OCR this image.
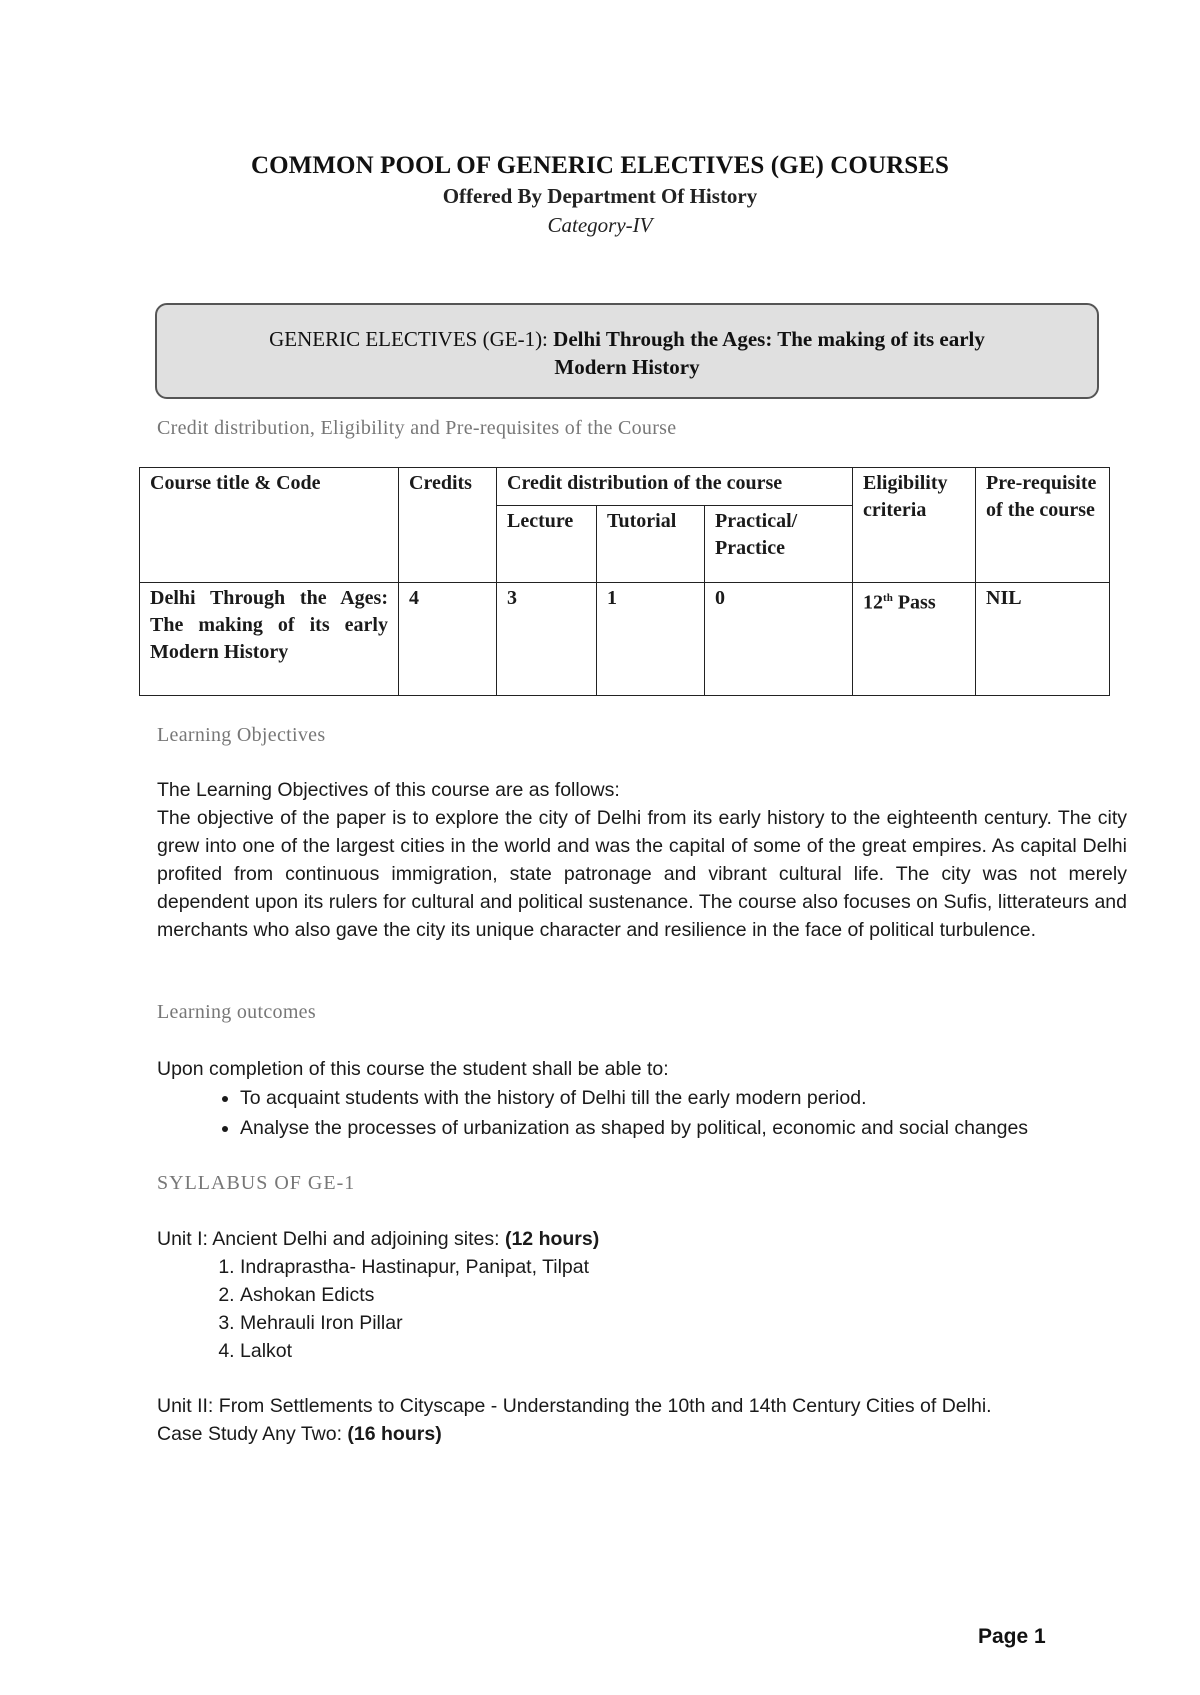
COMMON POOL OF GENERIC ELECTIVES (GE) COURSES
Offered By Department Of History
Category-IV
GENERIC ELECTIVES (GE-1): Delhi Through the Ages: The making of its early
Modern History
Credit distribution, Eligibility and Pre-requisites of the Course
Course title & Code	Credits	Credit distribution of the course			Eligibility criteria	Pre-requisite of the course
		Lecture	Tutorial	Practical/ Practice		
Delhi Through the Ages: The making of its early Modern History	4	3	1	0	12th Pass	NIL
Learning Objectives
The Learning Objectives of this course are as follows:
The objective of the paper is to explore the city of Delhi from its early history to the eighteenth century. The city grew into one of the largest cities in the world and was the capital of some of the great empires. As capital Delhi profited from continuous immigration, state patronage and vibrant cultural life. The city was not merely dependent upon its rulers for cultural and political sustenance. The course also focuses on Sufis, litterateurs and merchants who also gave the city its unique character and resilience in the face of political turbulence.
Learning outcomes
Upon completion of this course the student shall be able to:
• To acquaint students with the history of Delhi till the early modern period.
• Analyse the processes of urbanization as shaped by political, economic and social changes
SYLLABUS OF GE-1
Unit I: Ancient Delhi and adjoining sites: (12 hours)
1. Indraprastha- Hastinapur, Panipat, Tilpat
2. Ashokan Edicts
3. Mehrauli Iron Pillar
4. Lalkot
Unit II: From Settlements to Cityscape - Understanding the 10th and 14th Century Cities of Delhi.
Case Study Any Two: (16 hours)
Page 1
